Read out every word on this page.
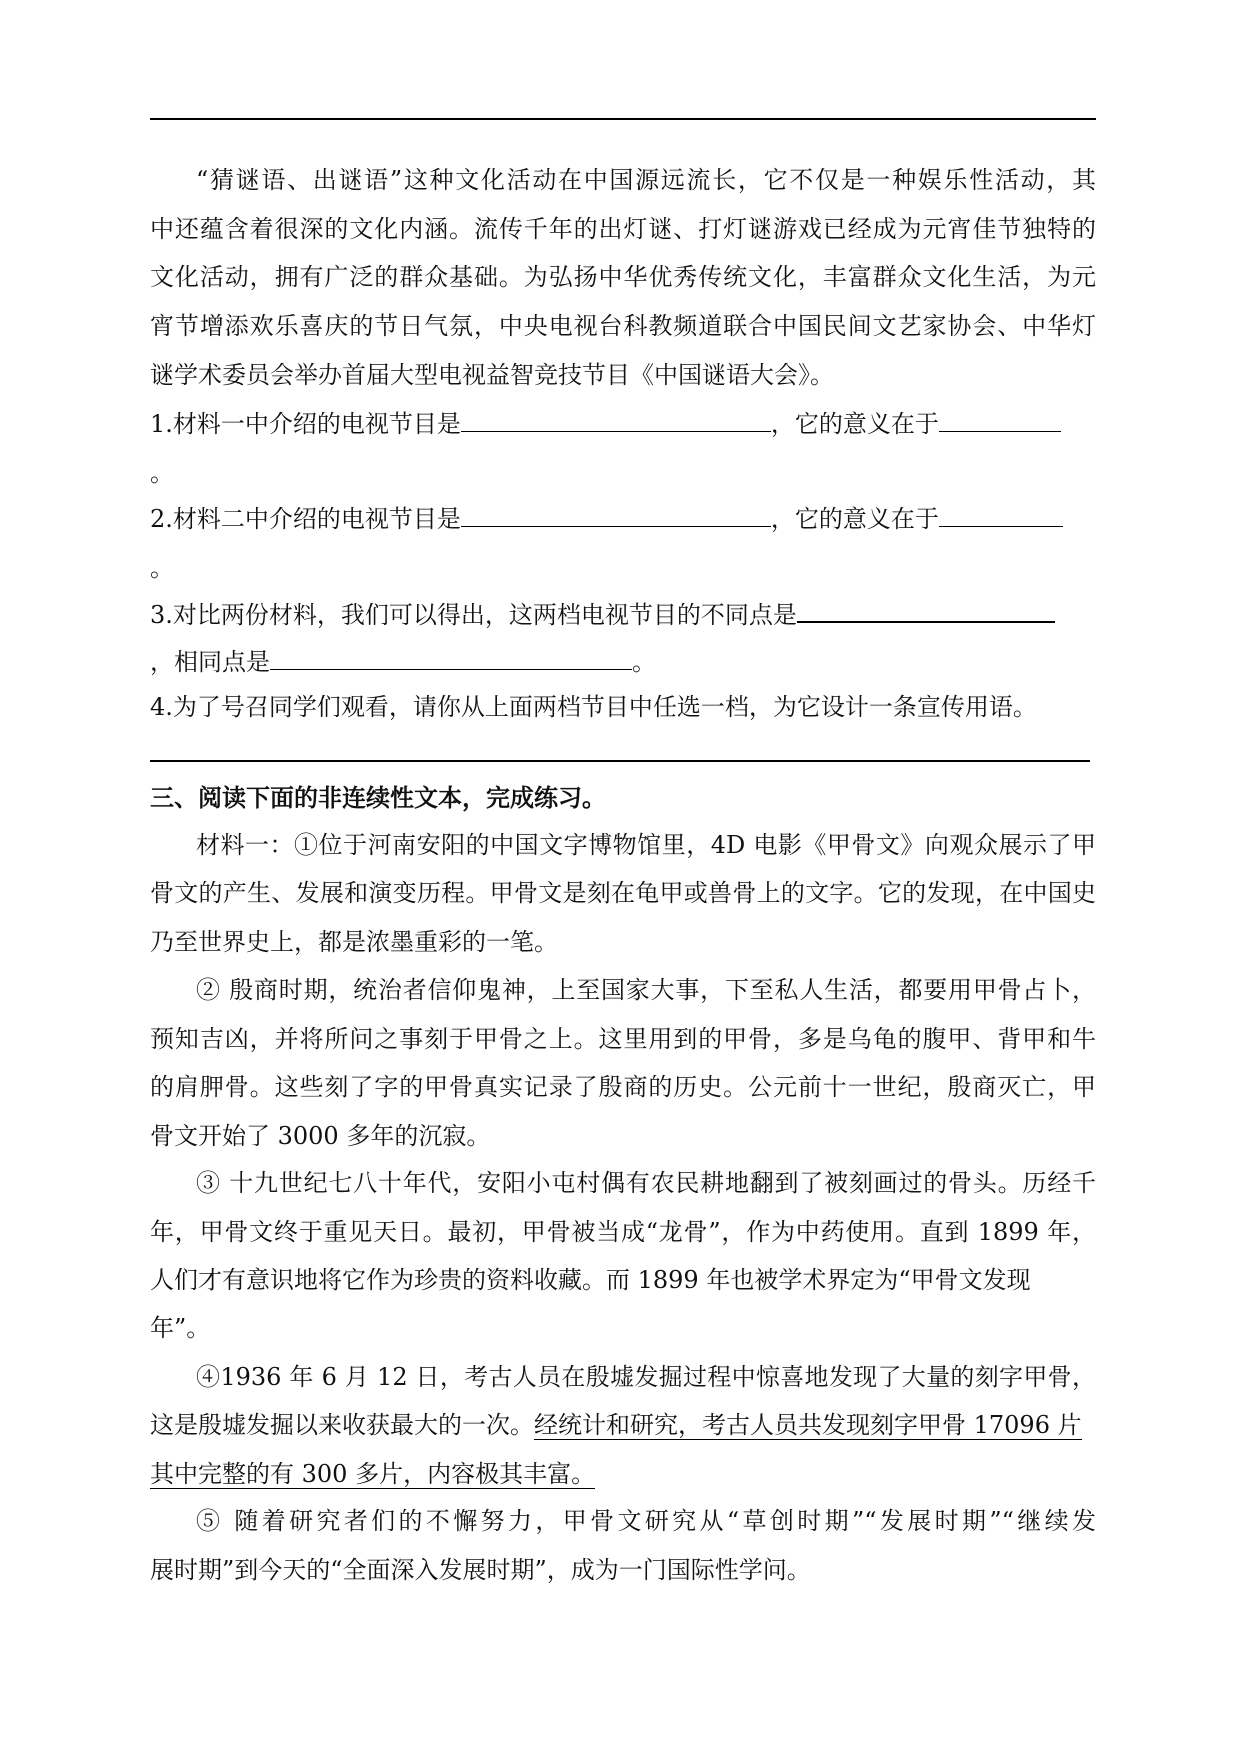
“猜谜语、出谜语”这种文化活动在中国源远流长，它不仅是一种娱乐性活动，其
中还蕴含着很深的文化内涵。流传千年的出灯谜、打灯谜游戏已经成为元宵佳节独特的
文化活动，拥有广泛的群众基础。为弘扬中华优秀传统文化，丰富群众文化生活，为元
宵节增添欢乐喜庆的节日气氛，中央电视台科教频道联合中国民间文艺家协会、中华灯
谜学术委员会举办首届大型电视益智竞技节目《中国谜语大会》。
1.材料一中介绍的电视节目是	，它的意义在于
。
2.材料二中介绍的电视节目是	，它的意义在于
。
3.对比两份材料，我们可以得出，这两档电视节目的不同点是
，相同点是	。
4.为了号召同学们观看，请你从上面两档节目中任选一档，为它设计一条宣传用语。
三、阅读下面的非连续性文本，完成练习。
材料一：①位于河南安阳的中国文字博物馆里，4D 电影《甲骨文》向观众展示了甲
骨文的产生、发展和演变历程。甲骨文是刻在龟甲或兽骨上的文字。它的发现，在中国史
乃至世界史上，都是浓墨重彩的一笔。
② 殷商时期，统治者信仰鬼神，上至国家大事，下至私人生活，都要用甲骨占卜，
预知吉凶，并将所问之事刻于甲骨之上。这里用到的甲骨，多是乌龟的腹甲、背甲和牛
的肩胛骨。这些刻了字的甲骨真实记录了殷商的历史。公元前十一世纪，殷商灭亡，甲
骨文开始了 3000 多年的沉寂。
③ 十九世纪七八十年代，安阳小屯村偶有农民耕地翻到了被刻画过的骨头。历经千
年，甲骨文终于重见天日。最初，甲骨被当成“龙骨”，作为中药使用。直到 1899 年，
人们才有意识地将它作为珍贵的资料收藏。而 1899 年也被学术界定为“甲骨文发现
年”。
④1936 年 6 月 12 日，考古人员在殷墟发掘过程中惊喜地发现了大量的刻字甲骨，
这是殷墟发掘以来收获最大的一次。经统计和研究，考古人员共发现刻字甲骨 17096 片
其中完整的有 300 多片，内容极其丰富。
⑤ 随着研究者们的不懈努力，甲骨文研究从“草创时期”“发展时期”“继续发
展时期”到今天的“全面深入发展时期”，成为一门国际性学问。
